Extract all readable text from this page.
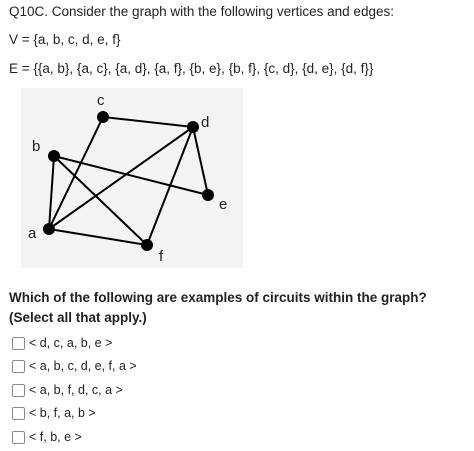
Q10C. Consider the graph with the following vertices and edges:
V = {a, b, c, d, e, f}
E = {{a, b}, {a, c}, {a, d}, {a, f}, {b, e}, {b, f}, {c, d}, {d, e}, {d, f}}
a
b
c
d
e
f
Which of the following are examples of circuits within the graph? (Select all that apply.)
< d, c, a, b, e >
< a, b, c, d, e, f, a >
< a, b, f, d, c, a >
< b, f, a, b >
< f, b, e >
